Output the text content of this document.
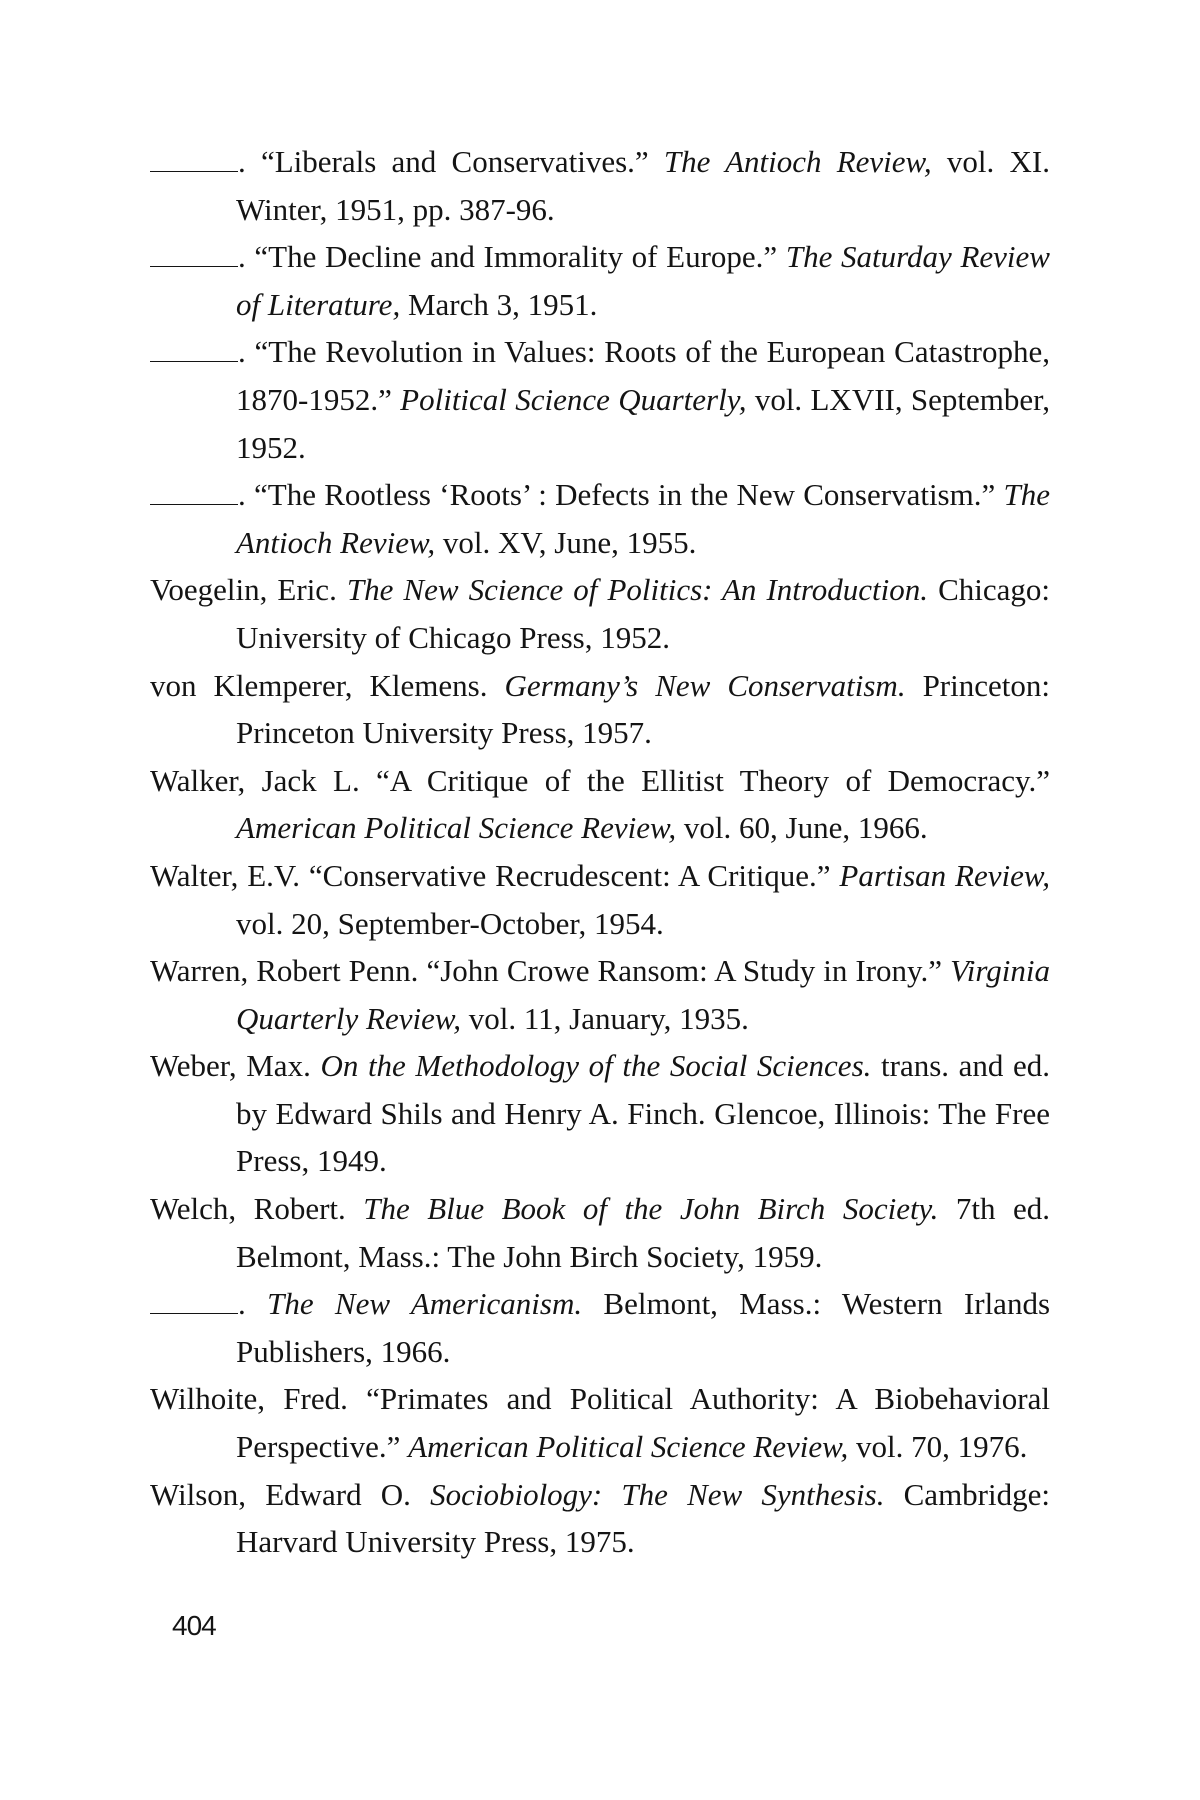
. “Liberals and Conservatives.” The Antioch Review, vol. XI. Winter, 1951, pp. 387-96.

. “The Decline and Immorality of Europe.” The Saturday Review of Literature, March 3, 1951.

. “The Revolution in Values: Roots of the European Catastrophe, 1870-1952.” Political Science Quarterly, vol. LXVII, September, 1952.

. “The Rootless ‘Roots’ : Defects in the New Conservatism.” The Antioch Review, vol. XV, June, 1955.

Voegelin, Eric. The New Science of Politics: An Introduction. Chicago: University of Chicago Press, 1952.

von Klemperer, Klemens. Germany’s New Conservatism. Princeton: Princeton University Press, 1957.

Walker, Jack L. “A Critique of the Ellitist Theory of Democracy.” American Political Science Review, vol. 60, June, 1966.

Walter, E.V. “Conservative Recrudescent: A Critique.” Partisan Review, vol. 20, September-October, 1954.

Warren, Robert Penn. “John Crowe Ransom: A Study in Irony.” Virginia Quarterly Review, vol. 11, January, 1935.

Weber, Max. On the Methodology of the Social Sciences. trans. and ed. by Edward Shils and Henry A. Finch. Glencoe, Illinois: The Free Press, 1949.

Welch, Robert. The Blue Book of the John Birch Society. 7th ed. Belmont, Mass.: The John Birch Society, 1959.

. The New Americanism. Belmont, Mass.: Western Irlands Publishers, 1966.

Wilhoite, Fred. “Primates and Political Authority: A Biobehavioral Perspective.” American Political Science Review, vol. 70, 1976.

Wilson, Edward O. Sociobiology: The New Synthesis. Cambridge: Harvard University Press, 1975.

404
